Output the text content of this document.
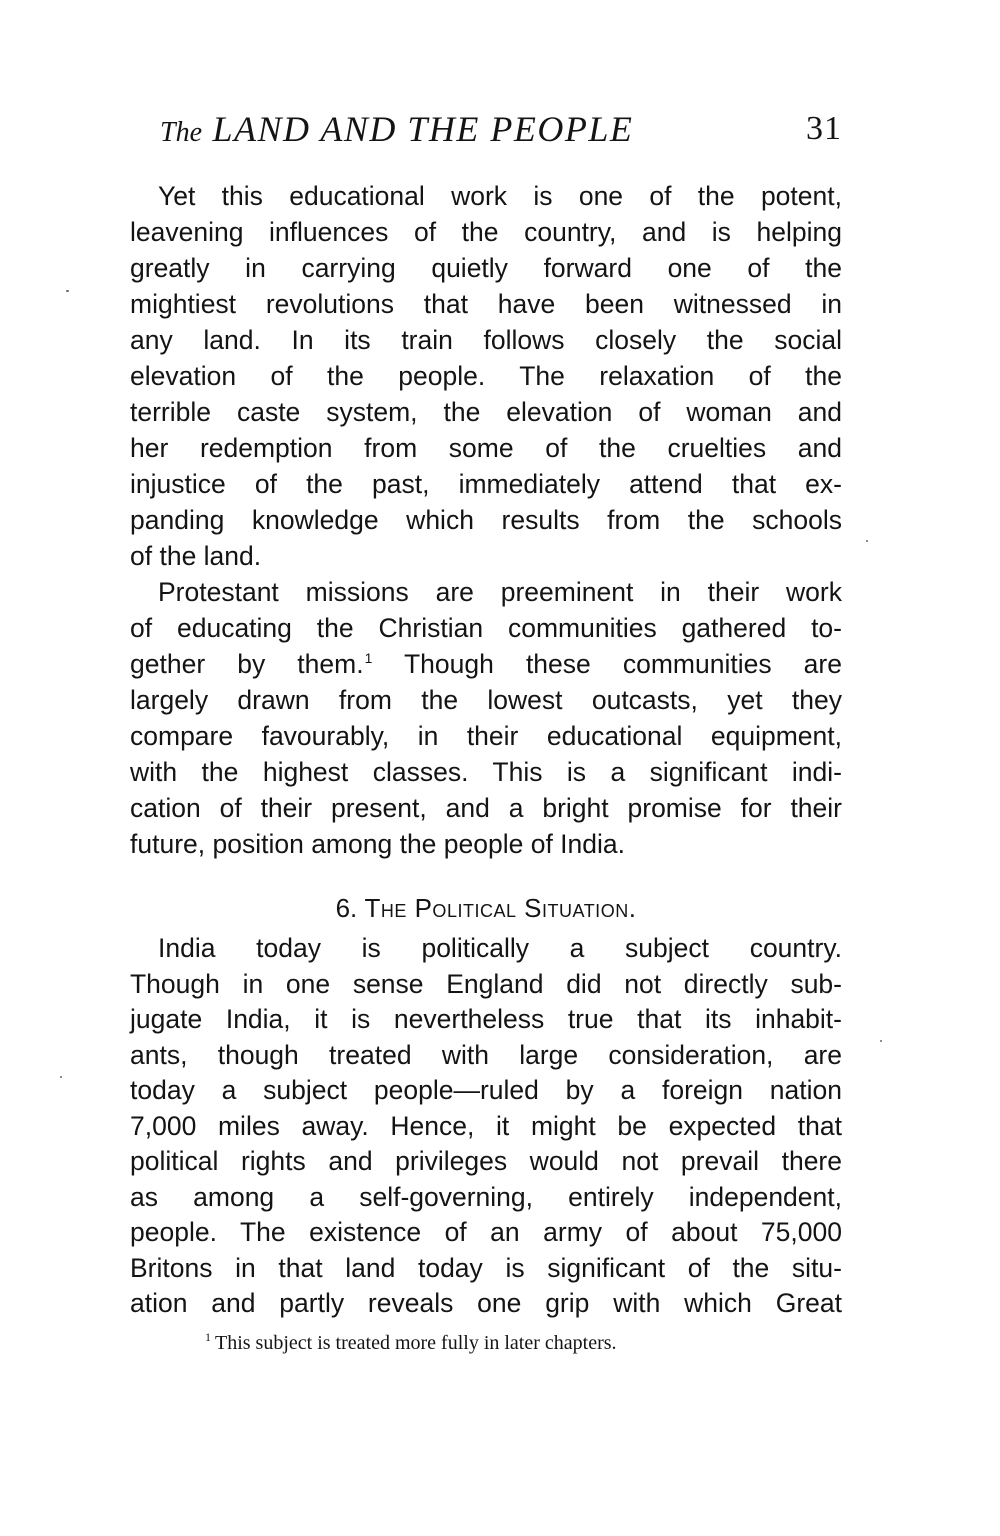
The LAND AND THE PEOPLE	31

Yet this educational work is one of the potent,
leavening influences of the country, and is helping
greatly in carrying quietly forward one of the
mightiest revolutions that have been witnessed in
any land. In its train follows closely the social
elevation of the people. The relaxation of the
terrible caste system, the elevation of woman and
her redemption from some of the cruelties and
injustice of the past, immediately attend that ex-
panding knowledge which results from the schools
of the land.

Protestant missions are preeminent in their work
of educating the Christian communities gathered to-
gether by them.$^1$ Though these communities are
largely drawn from the lowest outcasts, yet they
compare favourably, in their educational equipment,
with the highest classes. This is a significant indi-
cation of their present, and a bright promise for their
future, position among the people of India.

6. The Political Situation.

India today is politically a subject country.
Though in one sense England did not directly sub-
jugate India, it is nevertheless true that its inhabit-
ants, though treated with large consideration, are
today a subject people—ruled by a foreign nation
7,000 miles away. Hence, it might be expected that
political rights and privileges would not prevail there
as among a self-governing, entirely independent,
people. The existence of an army of about 75,000
Britons in that land today is significant of the situ-
ation and partly reveals one grip with which Great

$^1$ This subject is treated more fully in later chapters.
